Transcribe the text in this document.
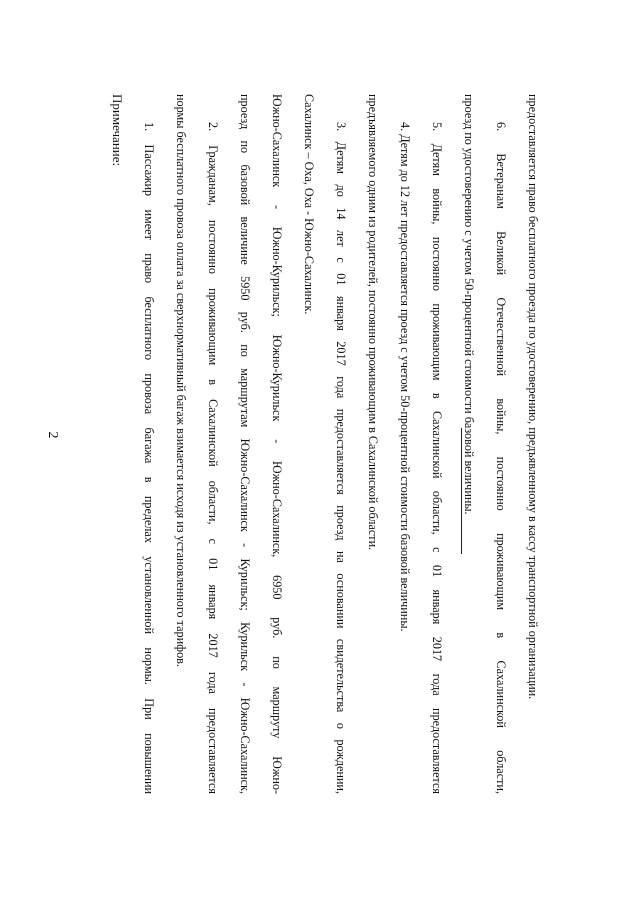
2
Примечание: 1. Пассажир имеет право бесплатного провоза багажа в пределах установленной нормы. При повышении нормы бесплатного провоза оплата за сверхнормативный багаж взимается исходя из установленного тарифов. 2. Гражданам, постоянно проживающим в Сахалинской области, с 01 января 2017 года предоставляется проезд по базовой величине 5950 руб. по маршрутам Южно-Сахалинск - Курильск; Курильск - Южно-Сахалинск, Южно-Сахалинск - Южно-Курильск; Южно-Курильск - Южно-Сахалинск, 6950 руб. по маршруту Южно- Сахалинск – Оха, Оха - Южно-Сахалинск. 3. Детям до 14 лет с 01 января 2017 года предоставляется проезд на основании свидетельства о рождении, предъявляемого одним из родителей, постоянно проживающим в Сахалинской области. 4. Детям до 12 лет предоставляется проезд с учетом 50-процентной стоимости базовой величины. 5. Детям войны, постоянно проживающим в Сахалинской области, с 01 января 2017 года предоставляется проезд по удостоверению с учетом 50-процентной стоимости базовой величины. 6. Ветеранам Великой Отечественной войны, постоянно проживающим в Сахалинской области, предоставляется право бесплатного проезда по удостоверению, предъявленному в кассу транспортной организации.
